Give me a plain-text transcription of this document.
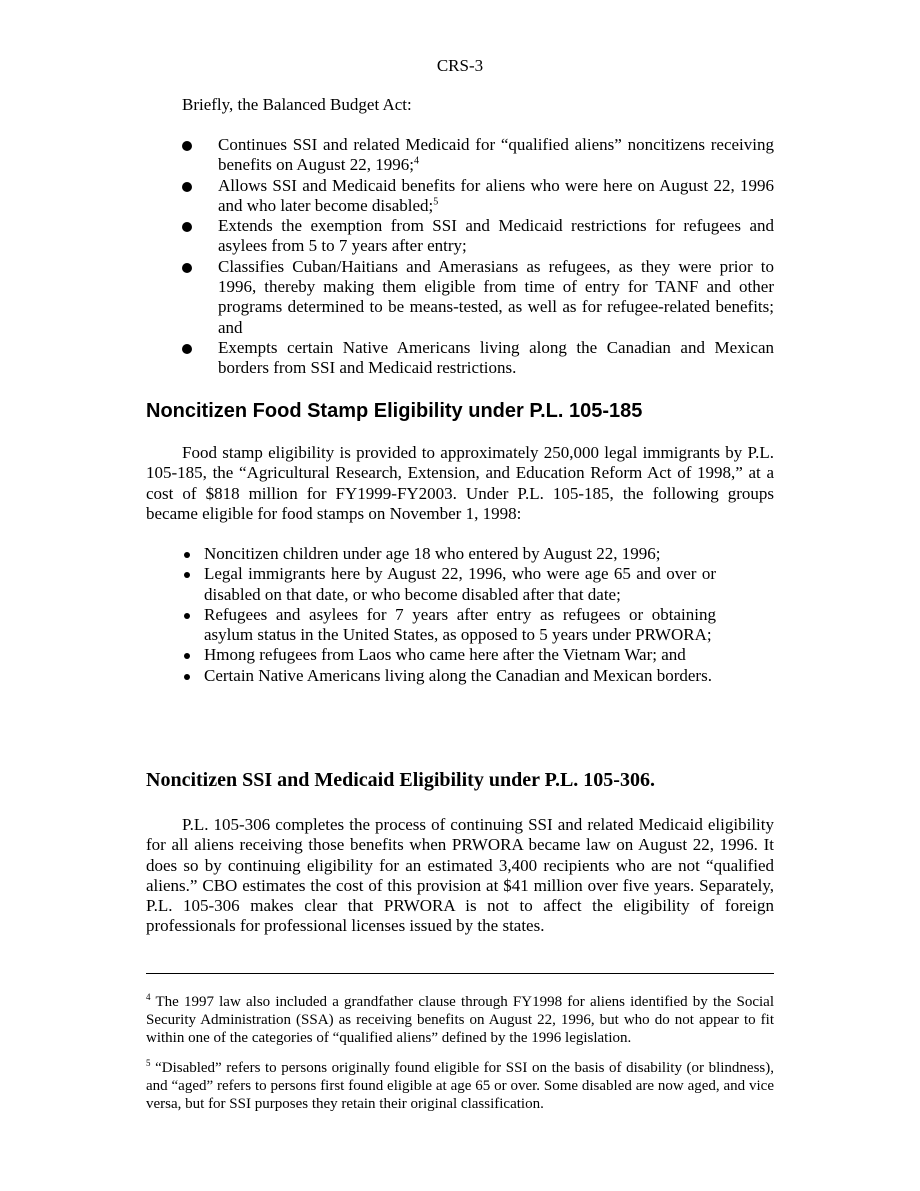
CRS-3
Briefly, the Balanced Budget Act:
Continues SSI and related Medicaid for “qualified aliens” noncitizens receiving benefits on August 22, 1996;$^4$
Allows SSI and Medicaid benefits for aliens who were here on August 22, 1996 and who later become disabled;$^5$
Extends the exemption from SSI and Medicaid restrictions for refugees and asylees from 5 to 7 years after entry;
Classifies Cuban/Haitians and Amerasians as refugees, as they were prior to 1996, thereby making them eligible from time of entry for TANF and other programs determined to be means-tested, as well as for refugee-related benefits; and
Exempts certain Native Americans living along the Canadian and Mexican borders from SSI and Medicaid restrictions.
Noncitizen Food Stamp Eligibility under P.L. 105-185

Food stamp eligibility is provided to approximately 250,000 legal immigrants by P.L. 105-185, the “Agricultural Research, Extension, and Education Reform Act of 1998,” at a cost of $818 million for FY1999-FY2003. Under P.L. 105-185, the following groups became eligible for food stamps on November 1, 1998:

Noncitizen children under age 18 who entered by August 22, 1996;
Legal immigrants here by August 22, 1996, who were age 65 and over or disabled on that date, or who become disabled after that date;
Refugees and asylees for 7 years after entry as refugees or obtaining asylum status in the United States, as opposed to 5 years under PRWORA;
Hmong refugees from Laos who came here after the Vietnam War; and
Certain Native Americans living along the Canadian and Mexican borders.
Noncitizen SSI and Medicaid Eligibility under P.L. 105-306.

P.L. 105-306 completes the process of continuing SSI and related Medicaid eligibility for all aliens receiving those benefits when PRWORA became law on August 22, 1996. It does so by continuing eligibility for an estimated 3,400 recipients who are not “qualified aliens.” CBO estimates the cost of this provision at $41 million over five years. Separately, P.L. 105-306 makes clear that PRWORA is not to affect the eligibility of foreign professionals for professional licenses issued by the states.

$^4$ The 1997 law also included a grandfather clause through FY1998 for aliens identified by the Social Security Administration (SSA) as receiving benefits on August 22, 1996, but who do not appear to fit within one of the categories of “qualified aliens” defined by the 1996 legislation.

$^5$ “Disabled” refers to persons originally found eligible for SSI on the basis of disability (or blindness), and “aged” refers to persons first found eligible at age 65 or over. Some disabled are now aged, and vice versa, but for SSI purposes they retain their original classification.
